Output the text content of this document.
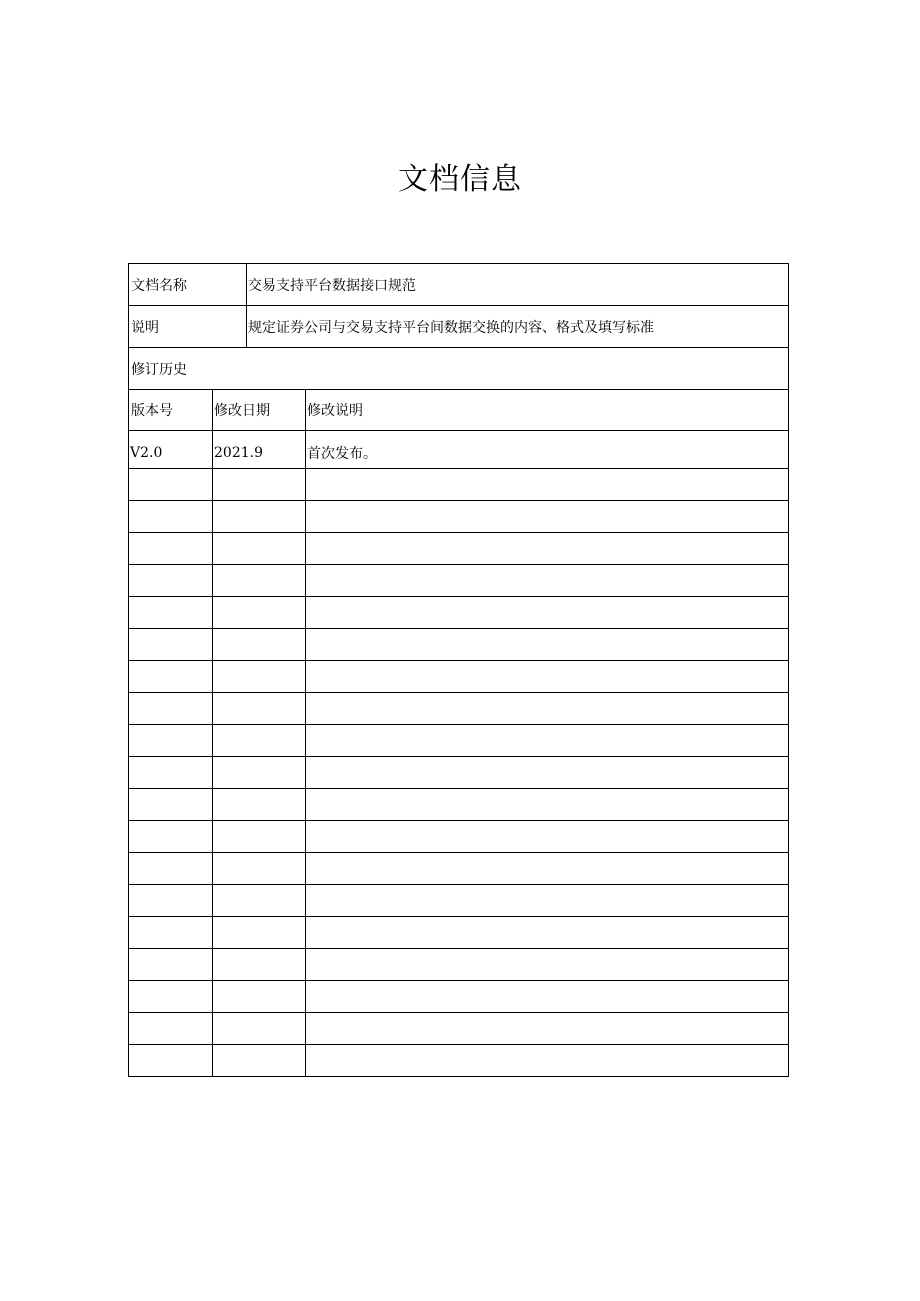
文档信息
文档名称		交易支持平台数据接口规范	
说明		规定证券公司与交易支持平台间数据交换的内容、格式及填写标准	
修订历史			
版本号	修改日期		修改说明
V2.0	2021.9		首次发布。
